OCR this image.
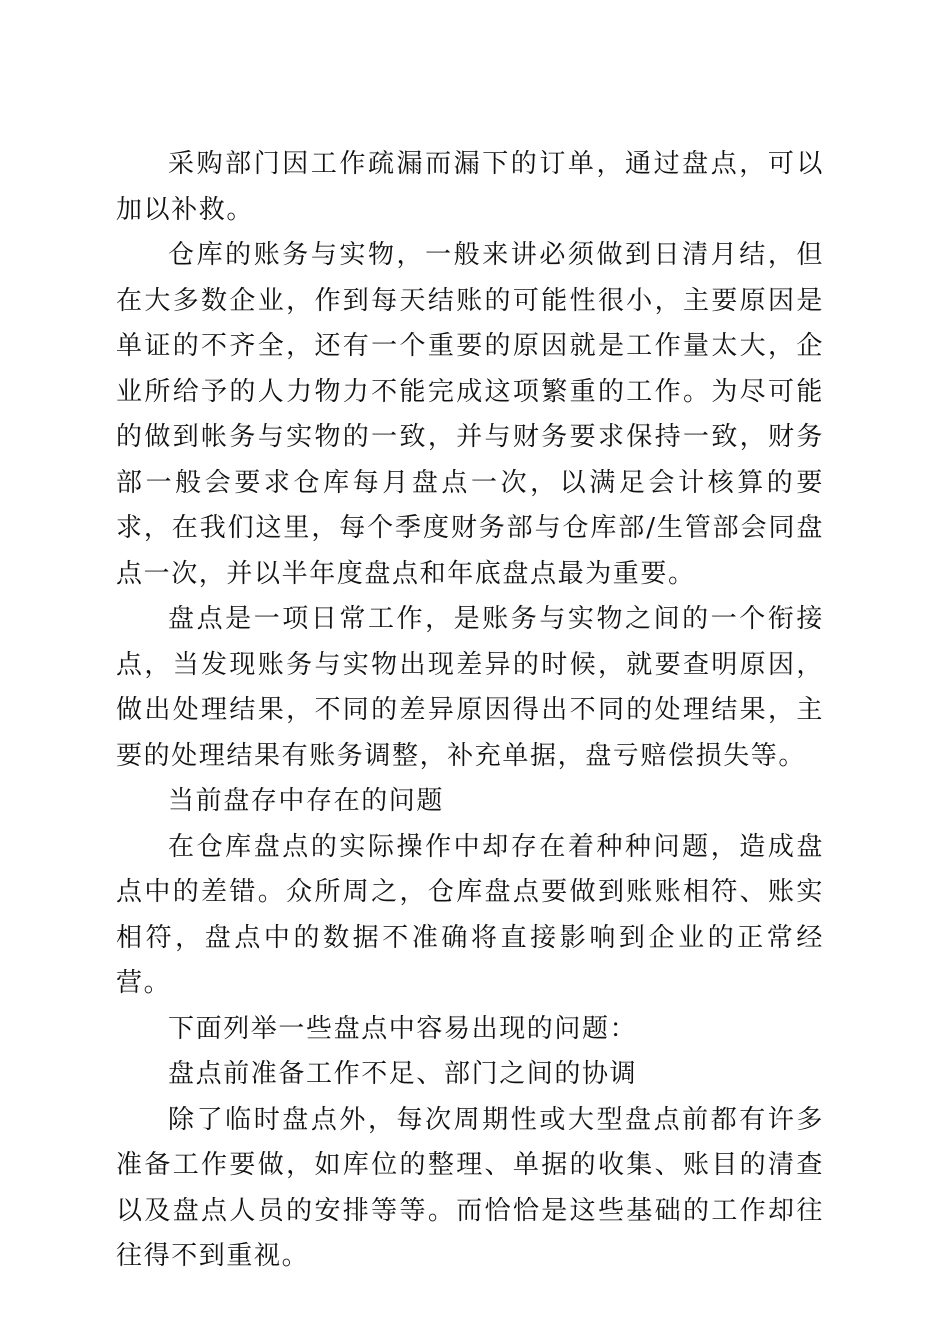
采购部门因工作疏漏而漏下的订单，通过盘点，可以加以补救。

仓库的账务与实物，一般来讲必须做到日清月结，但在大多数企业，作到每天结账的可能性很小，主要原因是单证的不齐全，还有一个重要的原因就是工作量太大，企业所给予的人力物力不能完成这项繁重的工作。为尽可能的做到帐务与实物的一致，并与财务要求保持一致，财务部一般会要求仓库每月盘点一次，以满足会计核算的要求，在我们这里，每个季度财务部与仓库部/生管部会同盘点一次，并以半年度盘点和年底盘点最为重要。

盘点是一项日常工作，是账务与实物之间的一个衔接点，当发现账务与实物出现差异的时候，就要查明原因，做出处理结果，不同的差异原因得出不同的处理结果，主要的处理结果有账务调整，补充单据，盘亏赔偿损失等。

当前盘存中存在的问题

在仓库盘点的实际操作中却存在着种种问题，造成盘点中的差错。众所周之，仓库盘点要做到账账相符、账实相符，盘点中的数据不准确将直接影响到企业的正常经营。

下面列举一些盘点中容易出现的问题：

盘点前准备工作不足、部门之间的协调

除了临时盘点外，每次周期性或大型盘点前都有许多准备工作要做，如库位的整理、单据的收集、账目的清查以及盘点人员的安排等等。而恰恰是这些基础的工作却往往得不到重视。
